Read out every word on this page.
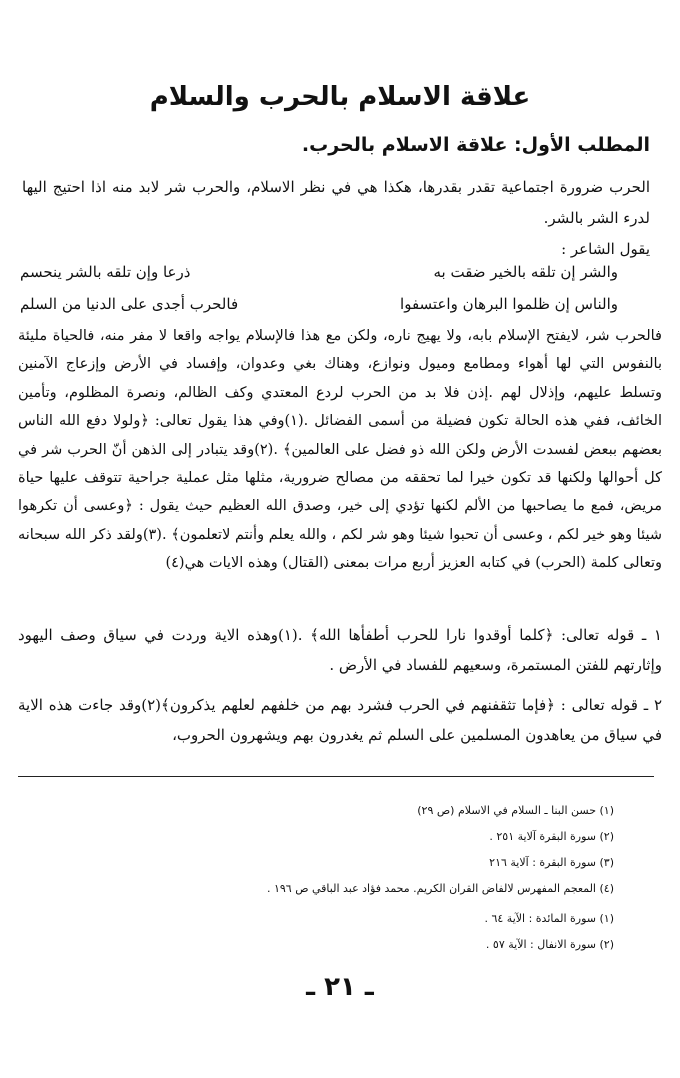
علاقة الاسلام بالحرب والسلام
المطلب الأول: علاقة الاسلام بالحرب.

الحرب ضرورة اجتماعية تقدر بقدرها، هكذا هي في نظر الاسلام، والحرب شر لابد منه اذا احتيج اليها لدرء الشر بالشر.

يقول الشاعر :

والشر إن تلقه بالخير ضقت به
ذرعا وإن تلقه بالشر ينحسم
والناس إن ظلموا البرهان واعتسفوا
فالحرب أجدى على الدنيا من السلم

فالحرب شر، لايفتح الإسلام بابه، ولا يهيج ناره، ولكن مع هذا فالإسلام يواجه واقعا لا مفر منه، فالحياة مليئة بالنفوس التي لها أهواء ومطامع وميول ونوازع، وهناك بغي وعدوان، وإفساد في الأرض وإزعاج الآمنين وتسلط عليهم، وإذلال لهم .إذن فلا بد من الحرب لردع المعتدي وكف الظالم، ونصرة المظلوم، وتأمين الخائف، ففي هذه الحالة تكون فضيلة من أسمى الفضائل .(١)وفي هذا يقول تعالى: ﴿ولولا دفع الله الناس بعضهم ببعض لفسدت الأرض ولكن الله ذو فضل على العالمين﴾ .(٢)وقد يتبادر إلى الذهن أنّ الحرب شر في كل أحوالها ولكنها قد تكون خيرا لما تحققه من مصالح ضرورية، مثلها مثل عملية جراحية تتوقف عليها حياة مريض، فمع ما يصاحبها من الألم لكنها تؤدي إلى خير، وصدق الله العظيم حيث يقول : ﴿وعسى أن تكرهوا شيئا وهو خير لكم ، وعسى أن تحبوا شيئا وهو شر لكم ، والله يعلم وأنتم لاتعلمون﴾ .(٣)ولقد ذكر الله سبحانه وتعالى كلمة (الحرب) في كتابه العزيز أربع مرات بمعنى (القتال) وهذه الايات هي(٤)

١ ـ قوله تعالى: ﴿كلما أوقدوا نارا للحرب أطفأها الله﴾ .(١)وهذه الاية وردت في سياق وصف اليهود وإثارتهم للفتن المستمرة، وسعيهم للفساد في الأرض .

٢ ـ قوله تعالى : ﴿فإما تثقفنهم في الحرب فشرد بهم من خلفهم لعلهم يذكرون﴾(٢)وقد جاءت هذه الاية في سياق من يعاهدون المسلمين على السلم ثم يغدرون بهم ويشهرون الحروب،

(١) حسن البنا ـ السلام في الاسلام (ص ٢٩)
(٢) سورة البقرة آلاية ٢٥١ .
(٣) سورة البقرة : آلاية ٢١٦
(٤) المعجم المفهرس لالفاض القران الكريم. محمد فؤاد عبد الباقي ص ١٩٦ .
(١) سورة المائدة : الآية ٦٤ .
(٢) سورة الانفال : الآية ٥٧ .
ـ ٢١ ـ
